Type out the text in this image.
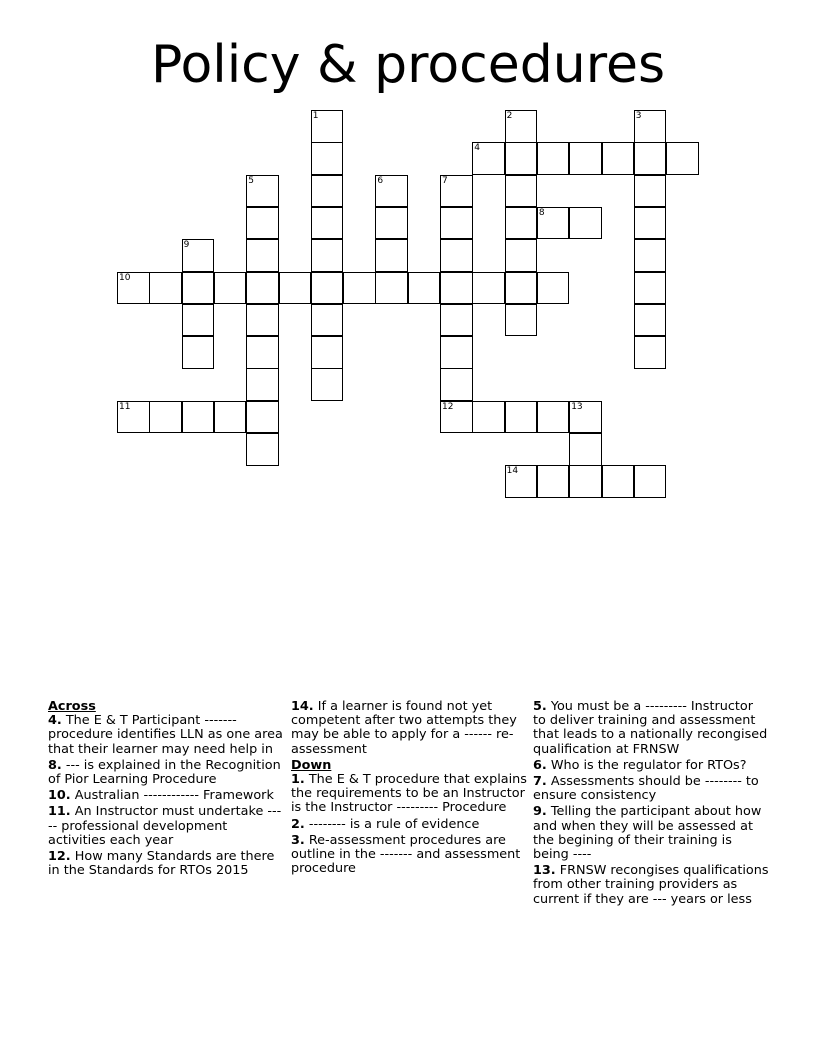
Policy & procedures
1	2	3
4
5	6	7
8
9
10
11	12	13
14
Across
4. The E & T Participant ------- procedure identifies LLN as one area that their learner may need help in
8. --- is explained in the Recognition of Pior Learning Procedure
10. Australian ------------ Framework
11. An Instructor must undertake ----- professional development activities each year
12. How many Standards are there in the Standards for RTOs 2015
14. If a learner is found not yet competent after two attempts they may be able to apply for a ------ re-assessment
Down
1. The E & T procedure that explains the requirements to be an Instructor is the Instructor --------- Procedure
2. -------- is a rule of evidence
3. Re-assessment procedures are outline in the ------- and assessment procedure
5. You must be a --------- Instructor to deliver training and assessment that leads to a nationally recongised qualification at FRNSW
6. Who is the regulator for RTOs?
7. Assessments should be -------- to ensure consistency
9. Telling the participant about how and when they will be assessed at the begining of their training is being ----
13. FRNSW recongises qualifications from other training providers as current if they are --- years or less
